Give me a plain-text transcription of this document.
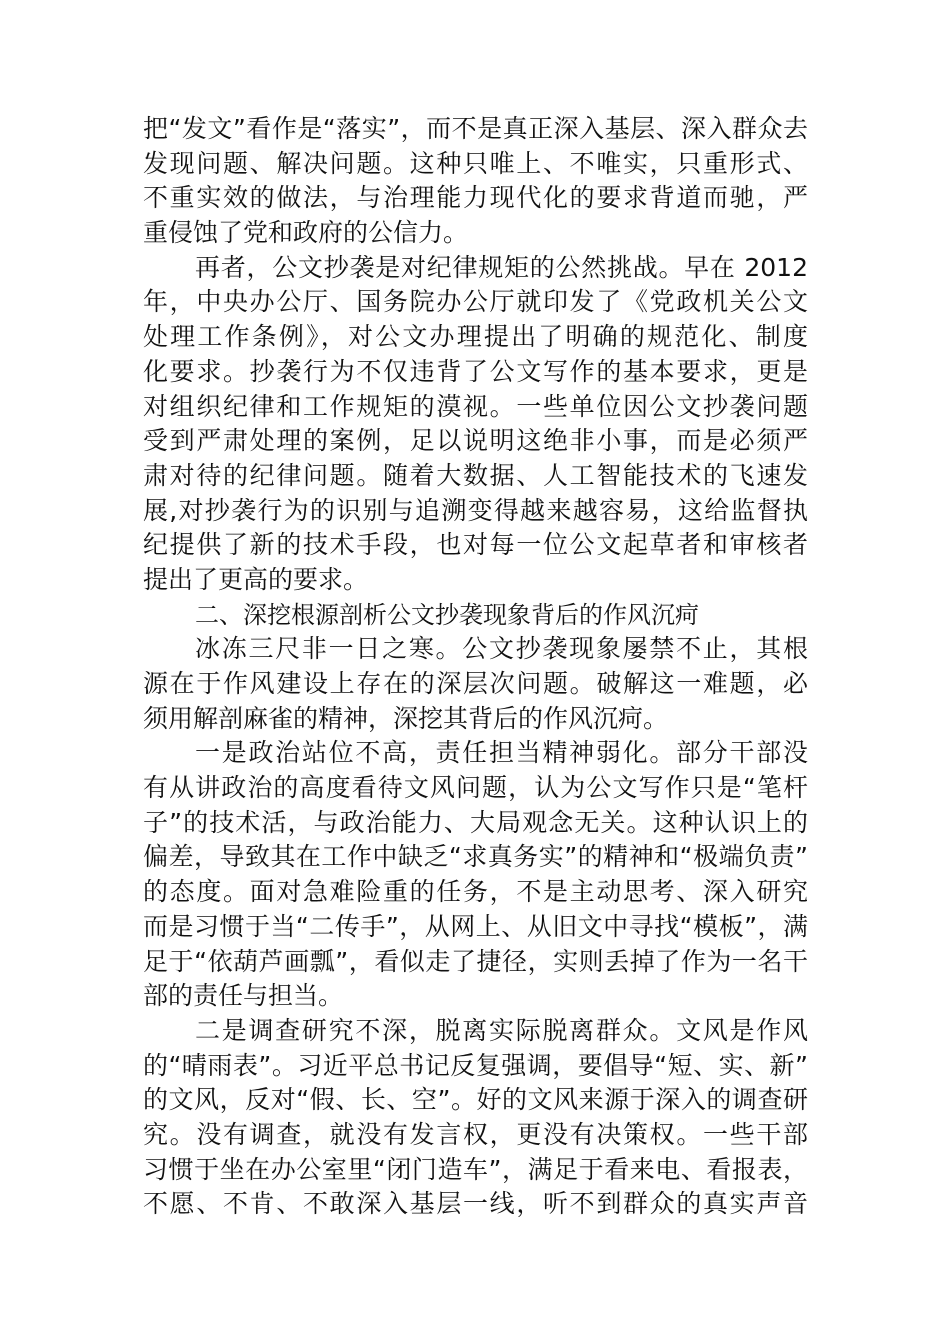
把“发文”看作是“落实”，而不是真正深入基层、深入群众去
发现问题、解决问题。这种只唯上、不唯实，只重形式、
不重实效的做法，与治理能力现代化的要求背道而驰，严
重侵蚀了党和政府的公信力。
再者，公文抄袭是对纪律规矩的公然挑战。早在 2012
年，中央办公厅、国务院办公厅就印发了《党政机关公文
处理工作条例》，对公文办理提出了明确的规范化、制度
化要求。抄袭行为不仅违背了公文写作的基本要求，更是
对组织纪律和工作规矩的漠视。一些单位因公文抄袭问题
受到严肃处理的案例，足以说明这绝非小事，而是必须严
肃对待的纪律问题。随着大数据、人工智能技术的飞速发
展,对抄袭行为的识别与追溯变得越来越容易，这给监督执
纪提供了新的技术手段，也对每一位公文起草者和审核者
提出了更高的要求。
二、深挖根源剖析公文抄袭现象背后的作风沉疴
冰冻三尺非一日之寒。公文抄袭现象屡禁不止，其根
源在于作风建设上存在的深层次问题。破解这一难题，必
须用解剖麻雀的精神，深挖其背后的作风沉疴。
一是政治站位不高，责任担当精神弱化。部分干部没
有从讲政治的高度看待文风问题，认为公文写作只是“笔杆
子”的技术活，与政治能力、大局观念无关。这种认识上的
偏差，导致其在工作中缺乏“求真务实”的精神和“极端负责”
的态度。面对急难险重的任务，不是主动思考、深入研究
而是习惯于当“二传手”，从网上、从旧文中寻找“模板”，满
足于“依葫芦画瓢”，看似走了捷径，实则丢掉了作为一名干
部的责任与担当。
二是调查研究不深，脱离实际脱离群众。文风是作风
的“晴雨表”。习近平总书记反复强调，要倡导“短、实、新”
的文风，反对“假、长、空”。好的文风来源于深入的调查研
究。没有调查，就没有发言权，更没有决策权。一些干部
习惯于坐在办公室里“闭门造车”，满足于看来电、看报表，
不愿、不肯、不敢深入基层一线，听不到群众的真实声音
